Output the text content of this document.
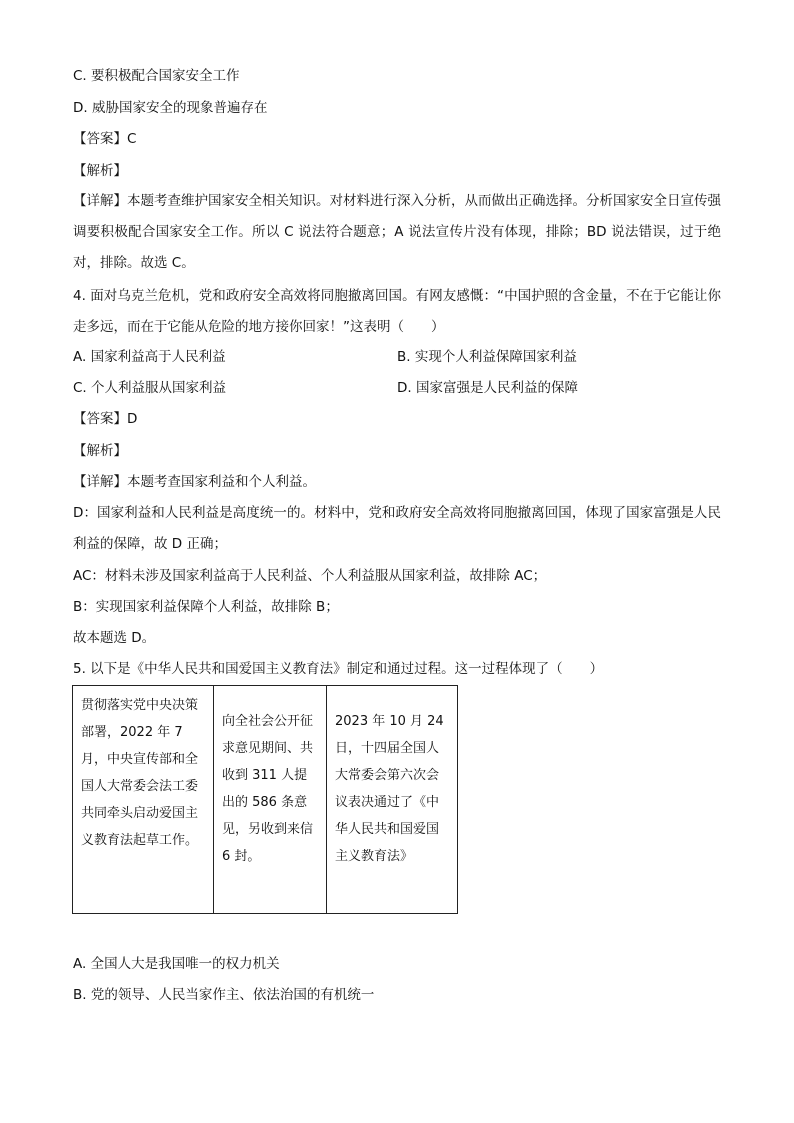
C. 要积极配合国家安全工作
D. 威胁国家安全的现象普遍存在
【答案】C
【解析】
【详解】本题考查维护国家安全相关知识。对材料进行深入分析，从而做出正确选择。分析国家安全日宣传强调要积极配合国家安全工作。所以 C 说法符合题意；A 说法宣传片没有体现，排除；BD 说法错误，过于绝对，排除。故选 C。
4. 面对乌克兰危机，党和政府安全高效将同胞撤离回国。有网友感慨：“中国护照的含金量，不在于它能让你走多远，而在于它能从危险的地方接你回家！”这表明（　　）
A. 国家利益高于人民利益	B. 实现个人利益保障国家利益
C. 个人利益服从国家利益	D. 国家富强是人民利益的保障
【答案】D
【解析】
【详解】本题考查国家利益和个人利益。
D：国家利益和人民利益是高度统一的。材料中，党和政府安全高效将同胞撤离回国，体现了国家富强是人民利益的保障，故 D 正确；
AC：材料未涉及国家利益高于人民利益、个人利益服从国家利益，故排除 AC；
B：实现国家利益保障个人利益，故排除 B；
故本题选 D。
5. 以下是《中华人民共和国爱国主义教育法》制定和通过过程。这一过程体现了（　　）
贯彻落实党中央决策部署，2022 年 7 月，中央宣传部和全国人大常委会法工委共同牵头启动爱国主义教育法起草工作。	向全社会公开征求意见期间、共收到 311 人提出的 586 条意见，另收到来信 6 封。	2023 年 10 月 24 日，十四届全国人大常委会第六次会议表决通过了《中华人民共和国爱国主义教育法》
A. 全国人大是我国唯一的权力机关
B. 党的领导、人民当家作主、依法治国的有机统一
